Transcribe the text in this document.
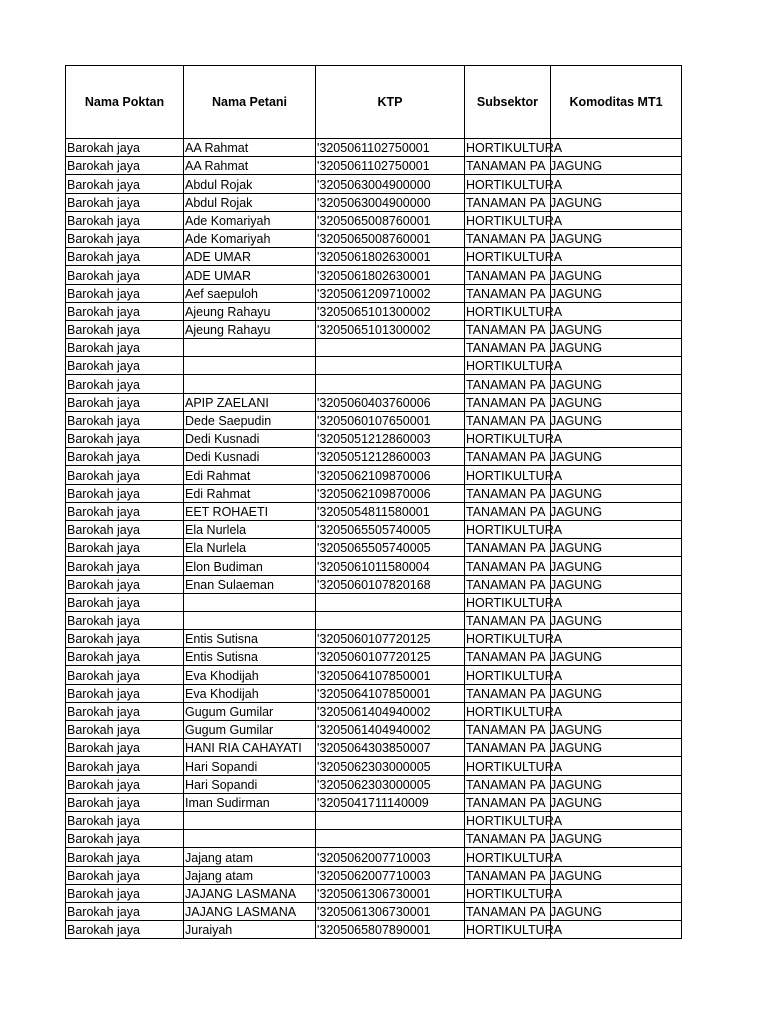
Nama Poktan	Nama Petani	KTP	Subsektor	Komoditas MT1
Barokah jaya	AA Rahmat	'3205061102750001	HORTIKULTURA	
Barokah jaya	AA Rahmat	'3205061102750001	TANAMAN PA	JAGUNG
Barokah jaya	Abdul Rojak	'3205063004900000	HORTIKULTURA	
Barokah jaya	Abdul Rojak	'3205063004900000	TANAMAN PA	JAGUNG
Barokah jaya	Ade Komariyah	'3205065008760001	HORTIKULTURA	
Barokah jaya	Ade Komariyah	'3205065008760001	TANAMAN PA	JAGUNG
Barokah jaya	ADE UMAR	'3205061802630001	HORTIKULTURA	
Barokah jaya	ADE UMAR	'3205061802630001	TANAMAN PA	JAGUNG
Barokah jaya	Aef saepuloh	'3205061209710002	TANAMAN PA	JAGUNG
Barokah jaya	Ajeung Rahayu	'3205065101300002	HORTIKULTURA	
Barokah jaya	Ajeung Rahayu	'3205065101300002	TANAMAN PA	JAGUNG
Barokah jaya			TANAMAN PA	JAGUNG
Barokah jaya			HORTIKULTURA	
Barokah jaya			TANAMAN PA	JAGUNG
Barokah jaya	APIP ZAELANI	'3205060403760006	TANAMAN PA	JAGUNG
Barokah jaya	Dede Saepudin	'3205060107650001	TANAMAN PA	JAGUNG
Barokah jaya	Dedi Kusnadi	'3205051212860003	HORTIKULTURA	
Barokah jaya	Dedi Kusnadi	'3205051212860003	TANAMAN PA	JAGUNG
Barokah jaya	Edi Rahmat	'3205062109870006	HORTIKULTURA	
Barokah jaya	Edi Rahmat	'3205062109870006	TANAMAN PA	JAGUNG
Barokah jaya	EET ROHAETI	'3205054811580001	TANAMAN PA	JAGUNG
Barokah jaya	Ela Nurlela	'3205065505740005	HORTIKULTURA	
Barokah jaya	Ela Nurlela	'3205065505740005	TANAMAN PA	JAGUNG
Barokah jaya	Elon Budiman	'3205061011580004	TANAMAN PA	JAGUNG
Barokah jaya	Enan Sulaeman	'3205060107820168	TANAMAN PA	JAGUNG
Barokah jaya			HORTIKULTURA	
Barokah jaya			TANAMAN PA	JAGUNG
Barokah jaya	Entis Sutisna	'3205060107720125	HORTIKULTURA	
Barokah jaya	Entis Sutisna	'3205060107720125	TANAMAN PA	JAGUNG
Barokah jaya	Eva Khodijah	'3205064107850001	HORTIKULTURA	
Barokah jaya	Eva Khodijah	'3205064107850001	TANAMAN PA	JAGUNG
Barokah jaya	Gugum Gumilar	'3205061404940002	HORTIKULTURA	
Barokah jaya	Gugum Gumilar	'3205061404940002	TANAMAN PA	JAGUNG
Barokah jaya	HANI RIA CAHAYATI	'3205064303850007	TANAMAN PA	JAGUNG
Barokah jaya	Hari Sopandi	'3205062303000005	HORTIKULTURA	
Barokah jaya	Hari Sopandi	'3205062303000005	TANAMAN PA	JAGUNG
Barokah jaya	Iman Sudirman	'3205041711140009	TANAMAN PA	JAGUNG
Barokah jaya			HORTIKULTURA	
Barokah jaya			TANAMAN PA	JAGUNG
Barokah jaya	Jajang atam	'3205062007710003	HORTIKULTURA	
Barokah jaya	Jajang atam	'3205062007710003	TANAMAN PA	JAGUNG
Barokah jaya	JAJANG LASMANA	'3205061306730001	HORTIKULTURA	
Barokah jaya	JAJANG LASMANA	'3205061306730001	TANAMAN PA	JAGUNG
Barokah jaya	Juraiyah	'3205065807890001	HORTIKULTURA	
